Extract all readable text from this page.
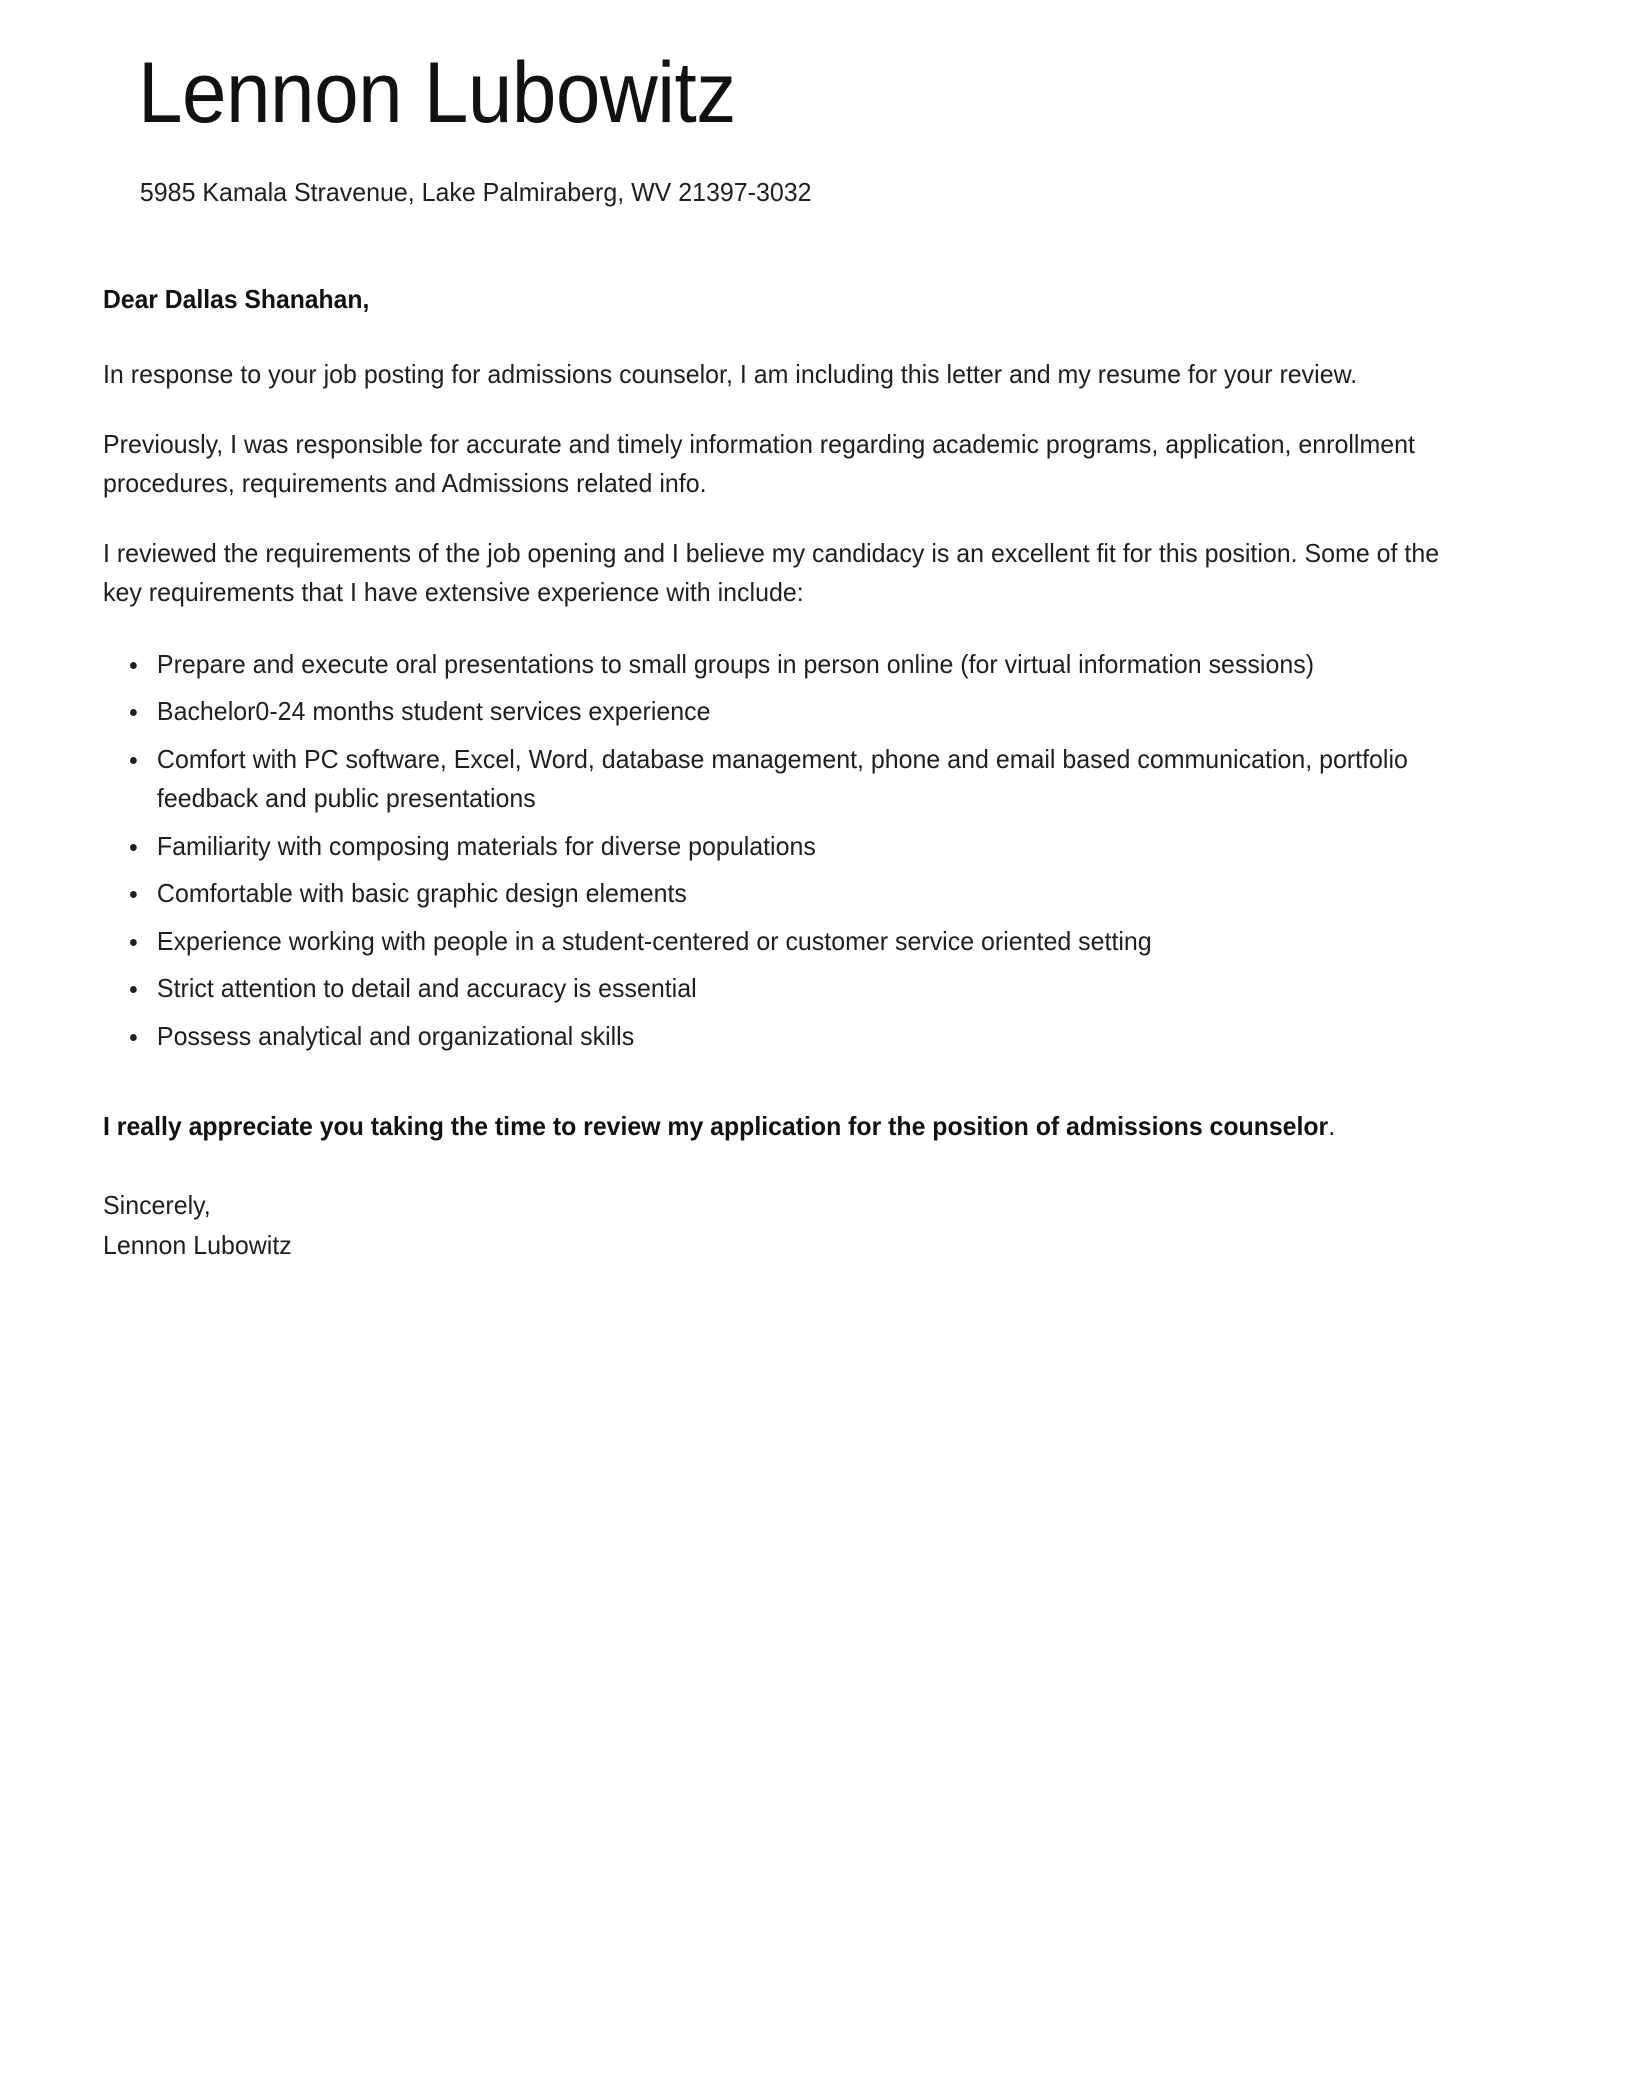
Lennon Lubowitz
5985 Kamala Stravenue, Lake Palmiraberg, WV 21397-3032
Dear Dallas Shanahan,

In response to your job posting for admissions counselor, I am including this letter and my resume for your review.

Previously, I was responsible for accurate and timely information regarding academic programs, application, enrollment procedures, requirements and Admissions related info.

I reviewed the requirements of the job opening and I believe my candidacy is an excellent fit for this position. Some of the key requirements that I have extensive experience with include:

Prepare and execute oral presentations to small groups in person online (for virtual information sessions)
Bachelor0-24 months student services experience
Comfort with PC software, Excel, Word, database management, phone and email based communication, portfolio feedback and public presentations
Familiarity with composing materials for diverse populations
Comfortable with basic graphic design elements
Experience working with people in a student-centered or customer service oriented setting
Strict attention to detail and accuracy is essential
Possess analytical and organizational skills

I really appreciate you taking the time to review my application for the position of admissions counselor.

Sincerely,
Lennon Lubowitz
